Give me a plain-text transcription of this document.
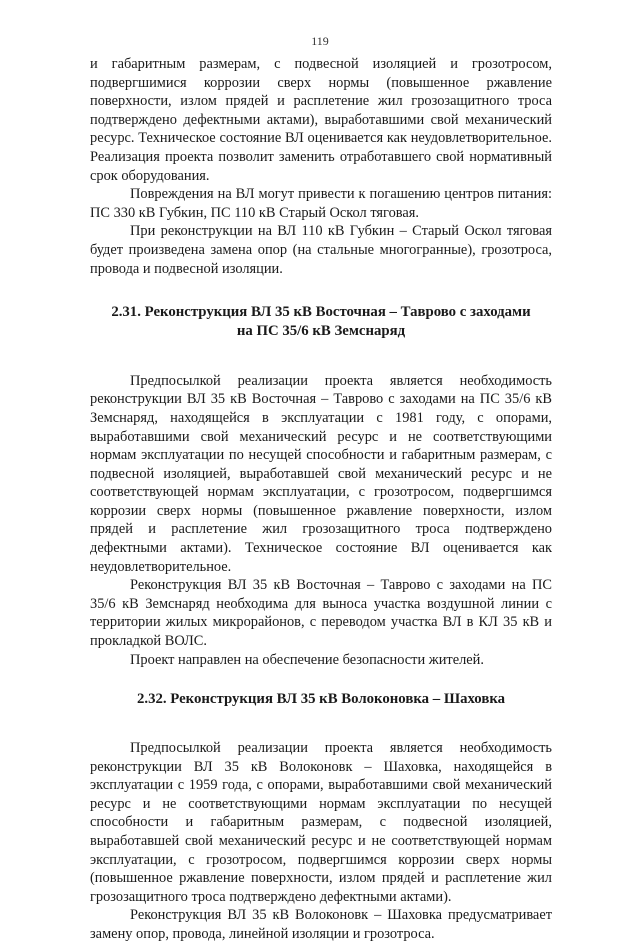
119

и габаритным размерам, с подвесной изоляцией и грозотросом, подвергшимися коррозии сверх нормы (повышенное ржавление поверхности, излом прядей и расплетение жил грозозащитного троса подтверждено дефектными актами), выработавшими свой механический ресурс. Техническое состояние ВЛ оценивается как неудовлетворительное. Реализация проекта позволит заменить отработавшего свой нормативный срок оборудования.

Повреждения на ВЛ могут привести к погашению центров питания: ПС 330 кВ Губкин, ПС 110 кВ Старый Оскол тяговая.

При реконструкции на ВЛ 110 кВ Губкин – Старый Оскол тяговая будет произведена замена опор (на стальные многогранные), грозотроса, провода и подвесной изоляции.

2.31. Реконструкция ВЛ 35 кВ Восточная – Таврово с заходами
на ПС 35/6 кВ Земснаряд

Предпосылкой реализации проекта является необходимость реконструкции ВЛ 35 кВ Восточная – Таврово с заходами на ПС 35/6 кВ Земснаряд, находящейся в эксплуатации с 1981 году, с опорами, выработавшими свой механический ресурс и не соответствующими нормам эксплуатации по несущей способности и габаритным размерам, с подвесной изоляцией, выработавшей свой механический ресурс и не соответствующей нормам эксплуатации, с грозотросом, подвергшимся коррозии сверх нормы (повышенное ржавление поверхности, излом прядей и расплетение жил грозозащитного троса подтверждено дефектными актами). Техническое состояние ВЛ оценивается как неудовлетворительное.

Реконструкция ВЛ 35 кВ Восточная – Таврово с заходами на ПС 35/6 кВ Земснаряд необходима для выноса участка воздушной линии с территории жилых микрорайонов, с переводом участка ВЛ в КЛ 35 кВ и прокладкой ВОЛС.

Проект направлен на обеспечение безопасности жителей.

2.32. Реконструкция ВЛ 35 кВ Волоконовка – Шаховка

Предпосылкой реализации проекта является необходимость реконструкции ВЛ 35 кВ Волоконовк – Шаховка, находящейся в эксплуатации с 1959 года, с опорами, выработавшими свой механический ресурс и не соответствующими нормам эксплуатации по несущей способности и габаритным размерам, с подвесной изоляцией, выработавшей свой механический ресурс и не соответствующей нормам эксплуатации, с грозотросом, подвергшимся коррозии сверх нормы (повышенное ржавление поверхности, излом прядей и расплетение жил грозозащитного троса подтверждено дефектными актами).

Реконструкция ВЛ 35 кВ Волоконовк – Шаховка предусматривает замену опор, провода, линейной изоляции и грозотроса.
